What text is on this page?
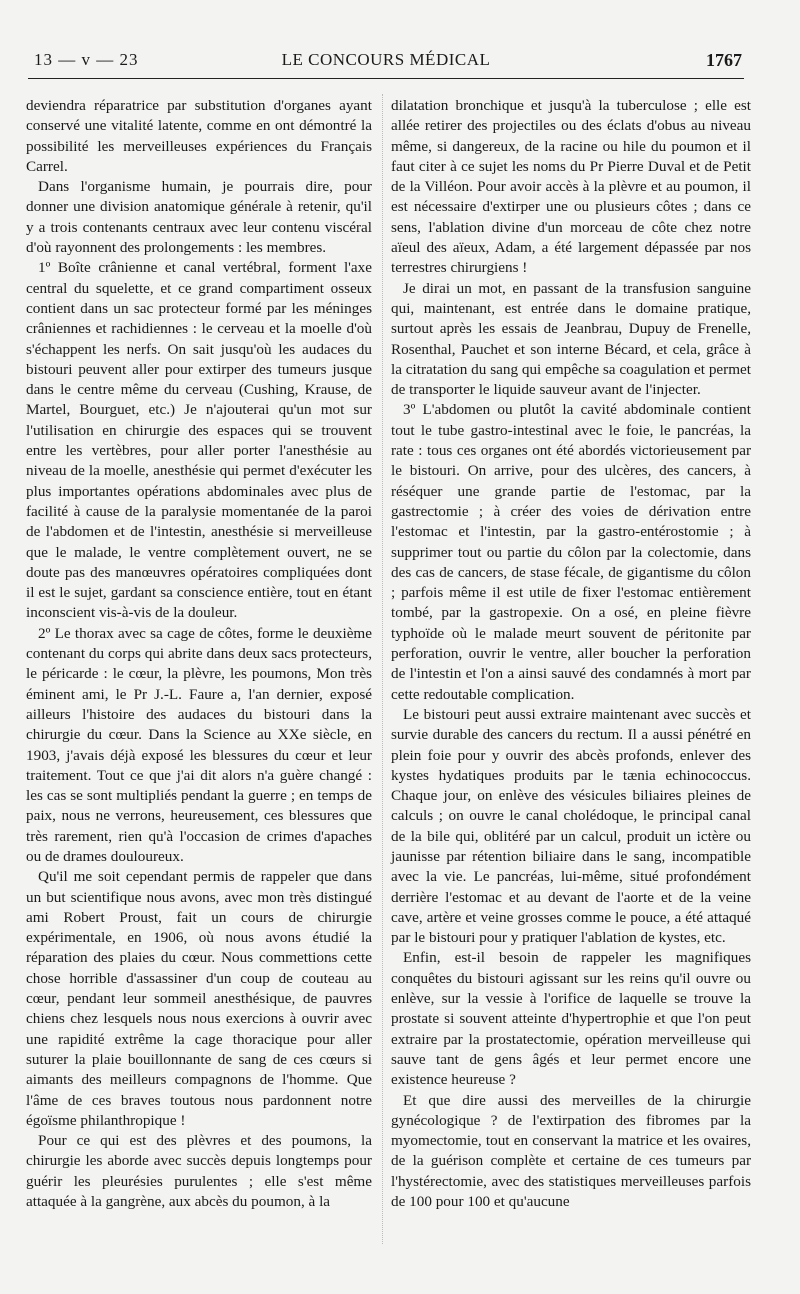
13 — v — 23	LE CONCOURS MÉDICAL	1767

deviendra réparatrice par substitution d'organes ayant conservé une vitalité latente, comme en ont démontré la possibilité les merveilleuses expériences du Français Carrel.

Dans l'organisme humain, je pourrais dire, pour donner une division anatomique générale à retenir, qu'il y a trois contenants centraux avec leur contenu viscéral d'où rayonnent des prolongements : les membres.

1º Boîte crânienne et canal vertébral, forment l'axe central du squelette, et ce grand compartiment osseux contient dans un sac protecteur formé par les méninges crâniennes et rachidiennes : le cerveau et la moelle d'où s'échappent les nerfs. On sait jusqu'où les audaces du bistouri peuvent aller pour extirper des tumeurs jusque dans le centre même du cerveau (Cushing, Krause, de Martel, Bourguet, etc.) Je n'ajouterai qu'un mot sur l'utilisation en chirurgie des espaces qui se trouvent entre les vertèbres, pour aller porter l'anesthésie au niveau de la moelle, anesthésie qui permet d'exécuter les plus importantes opérations abdominales avec plus de facilité à cause de la paralysie momentanée de la paroi de l'abdomen et de l'intestin, anesthésie si merveilleuse que le malade, le ventre complètement ouvert, ne se doute pas des manœuvres opératoires compliquées dont il est le sujet, gardant sa conscience entière, tout en étant inconscient vis-à-vis de la douleur.

2º Le thorax avec sa cage de côtes, forme le deuxième contenant du corps qui abrite dans deux sacs protecteurs, le péricarde : le cœur, la plèvre, les poumons, Mon très éminent ami, le Pr J.-L. Faure a, l'an dernier, exposé ailleurs l'histoire des audaces du bistouri dans la chirurgie du cœur. Dans la Science au XXe siècle, en 1903, j'avais déjà exposé les blessures du cœur et leur traitement. Tout ce que j'ai dit alors n'a guère changé : les cas se sont multipliés pendant la guerre ; en temps de paix, nous ne verrons, heureusement, ces blessures que très rarement, rien qu'à l'occasion de crimes d'apaches ou de drames douloureux.

Qu'il me soit cependant permis de rappeler que dans un but scientifique nous avons, avec mon très distingué ami Robert Proust, fait un cours de chirurgie expérimentale, en 1906, où nous avons étudié la réparation des plaies du cœur. Nous commettions cette chose horrible d'assassiner d'un coup de couteau au cœur, pendant leur sommeil anesthésique, de pauvres chiens chez lesquels nous nous exercions à ouvrir avec une rapidité extrême la cage thoracique pour aller suturer la plaie bouillonnante de sang de ces cœurs si aimants des meilleurs compagnons de l'homme. Que l'âme de ces braves toutous nous pardonnent notre égoïsme philanthropique !

Pour ce qui est des plèvres et des poumons, la chirurgie les aborde avec succès depuis longtemps pour guérir les pleurésies purulentes ; elle s'est même attaquée à la gangrène, aux abcès du poumon, à la

dilatation bronchique et jusqu'à la tuberculose ; elle est allée retirer des projectiles ou des éclats d'obus au niveau même, si dangereux, de la racine ou hile du poumon et il faut citer à ce sujet les noms du Pr Pierre Duval et de Petit de la Villéon. Pour avoir accès à la plèvre et au poumon, il est nécessaire d'extirper une ou plusieurs côtes ; dans ce sens, l'ablation divine d'un morceau de côte chez notre aïeul des aïeux, Adam, a été largement dépassée par nos terrestres chirurgiens !

Je dirai un mot, en passant de la transfusion sanguine qui, maintenant, est entrée dans le domaine pratique, surtout après les essais de Jeanbrau, Dupuy de Frenelle, Rosenthal, Pauchet et son interne Bécard, et cela, grâce à la citratation du sang qui empêche sa coagulation et permet de transporter le liquide sauveur avant de l'injecter.

3º L'abdomen ou plutôt la cavité abdominale contient tout le tube gastro-intestinal avec le foie, le pancréas, la rate : tous ces organes ont été abordés victorieusement par le bistouri. On arrive, pour des ulcères, des cancers, à réséquer une grande partie de l'estomac, par la gastrectomie ; à créer des voies de dérivation entre l'estomac et l'intestin, par la gastro-entérostomie ; à supprimer tout ou partie du côlon par la colectomie, dans des cas de cancers, de stase fécale, de gigantisme du côlon ; parfois même il est utile de fixer l'estomac entièrement tombé, par la gastropexie. On a osé, en pleine fièvre typhoïde où le malade meurt souvent de péritonite par perforation, ouvrir le ventre, aller boucher la perforation de l'intestin et l'on a ainsi sauvé des condamnés à mort par cette redoutable complication.

Le bistouri peut aussi extraire maintenant avec succès et survie durable des cancers du rectum. Il a aussi pénétré en plein foie pour y ouvrir des abcès profonds, enlever des kystes hydatiques produits par le tænia echinococcus. Chaque jour, on enlève des vésicules biliaires pleines de calculs ; on ouvre le canal cholédoque, le principal canal de la bile qui, oblitéré par un calcul, produit un ictère ou jaunisse par rétention biliaire dans le sang, incompatible avec la vie. Le pancréas, lui-même, situé profondément derrière l'estomac et au devant de l'aorte et de la veine cave, artère et veine grosses comme le pouce, a été attaqué par le bistouri pour y pratiquer l'ablation de kystes, etc.

Enfin, est-il besoin de rappeler les magnifiques conquêtes du bistouri agissant sur les reins qu'il ouvre ou enlève, sur la vessie à l'orifice de laquelle se trouve la prostate si souvent atteinte d'hypertrophie et que l'on peut extraire par la prostatectomie, opération merveilleuse qui sauve tant de gens âgés et leur permet encore une existence heureuse ?

Et que dire aussi des merveilles de la chirurgie gynécologique ? de l'extirpation des fibromes par la myomectomie, tout en conservant la matrice et les ovaires, de la guérison complète et certaine de ces tumeurs par l'hystérectomie, avec des statistiques merveilleuses parfois de 100 pour 100 et qu'aucune
